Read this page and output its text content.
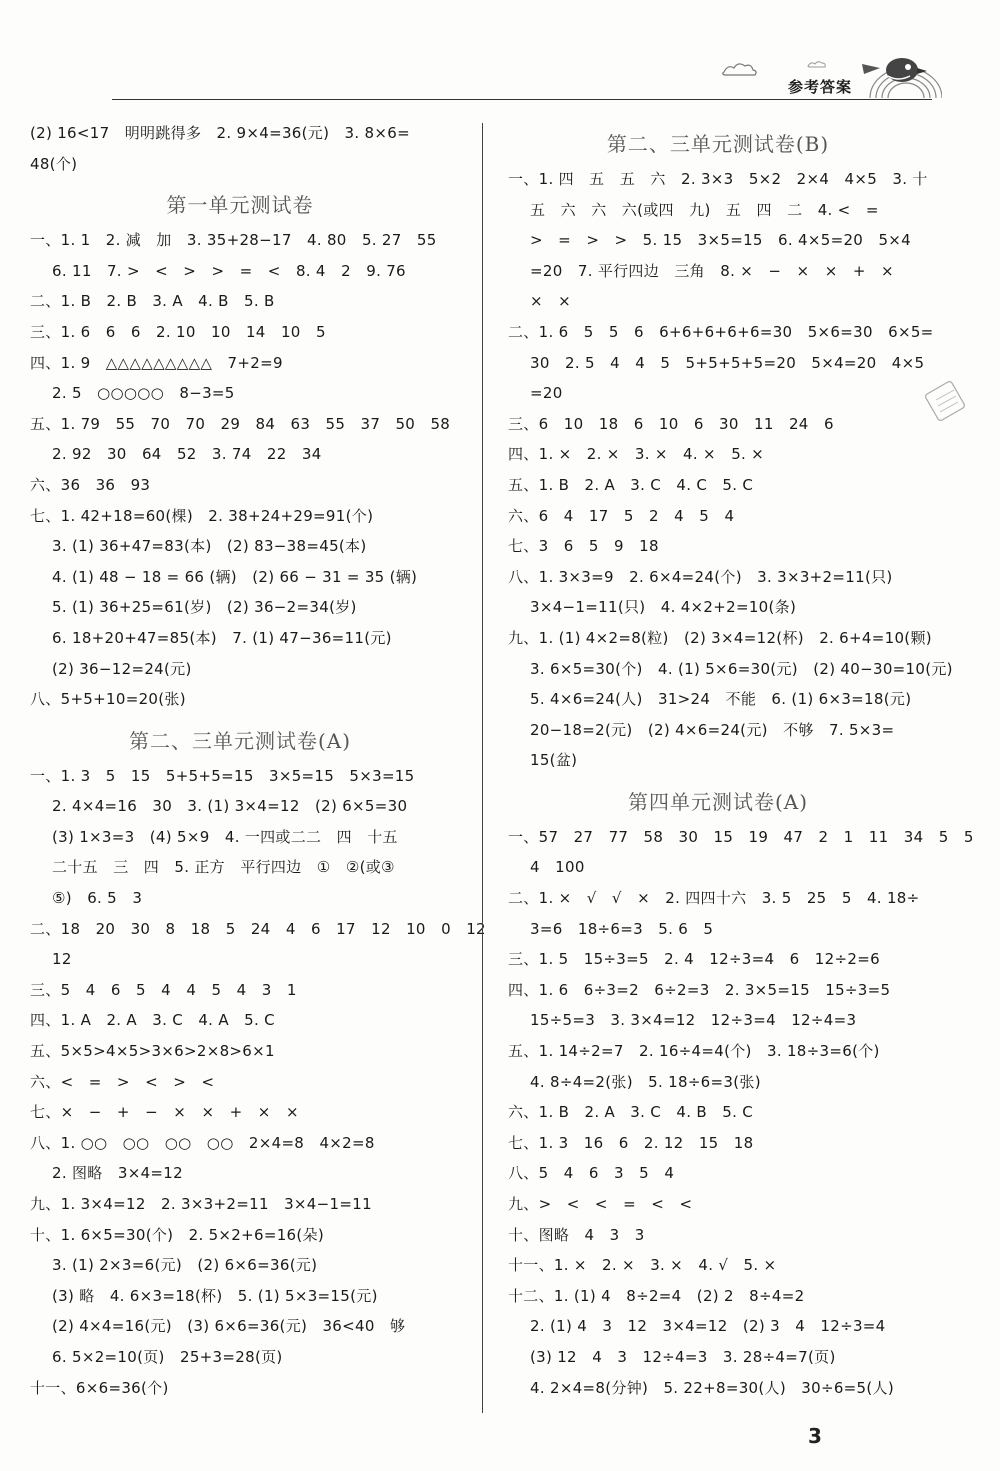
参考答案
(2) 16<17　明明跳得多　2. 9×4=36(元)　3. 8×6=
48(个)
第一单元测试卷
一、1. 1　2. 减　加　3. 35+28−17　4. 80　5. 27　55
6. 11　7. >　<　>　>　=　<　8. 4　2　9. 76
二、1. B　2. B　3. A　4. B　5. B
三、1. 6　6　6　2. 10　10　14　10　5
四、1. 9　△△△△△△△△△　7+2=9
2. 5　○○○○○　8−3=5
五、1. 79　55　70　70　29　84　63　55　37　50　58
2. 92　30　64　52　3. 74　22　34
六、36　36　93
七、1. 42+18=60(棵)　2. 38+24+29=91(个)
3. (1) 36+47=83(本)　(2) 83−38=45(本)
4. (1) 48 − 18 = 66 (辆)　(2) 66 − 31 = 35 (辆)
5. (1) 36+25=61(岁)　(2) 36−2=34(岁)
6. 18+20+47=85(本)　7. (1) 47−36=11(元)
(2) 36−12=24(元)
八、5+5+10=20(张)
第二、三单元测试卷(A)
一、1. 3　5　15　5+5+5=15　3×5=15　5×3=15
2. 4×4=16　30　3. (1) 3×4=12　(2) 6×5=30
(3) 1×3=3　(4) 5×9　4. 一四或二二　四　十五
二十五　三　四　5. 正方　平行四边　①　②(或③
⑤)　6. 5　3
二、18　20　30　8　18　5　24　4　6　17　12　10　0　12
12
三、5　4　6　5　4　4　5　4　3　1
四、1. A　2. A　3. C　4. A　5. C
五、5×5>4×5>3×6>2×8>6×1
六、<　=　>　<　>　<
七、×　−　+　−　×　×　+　×　×
八、1. ○○　○○　○○　○○　2×4=8　4×2=8
2. 图略　3×4=12
九、1. 3×4=12　2. 3×3+2=11　3×4−1=11
十、1. 6×5=30(个)　2. 5×2+6=16(朵)
3. (1) 2×3=6(元)　(2) 6×6=36(元)
(3) 略　4. 6×3=18(杯)　5. (1) 5×3=15(元)
(2) 4×4=16(元)　(3) 6×6=36(元)　36<40　够
6. 5×2=10(页)　25+3=28(页)
十一、6×6=36(个)
第二、三单元测试卷(B)
一、1. 四　五　五　六　2. 3×3　5×2　2×4　4×5　3. 十
五　六　六　六(或四　九)　五　四　二　4. <　=
>　=　>　>　5. 15　3×5=15　6. 4×5=20　5×4
=20　7. 平行四边　三角　8. ×　−　×　×　+　×
×　×
二、1. 6　5　5　6　6+6+6+6+6=30　5×6=30　6×5=
30　2. 5　4　4　5　5+5+5+5=20　5×4=20　4×5
=20
三、6　10　18　6　10　6　30　11　24　6
四、1. ×　2. ×　3. ×　4. ×　5. ×
五、1. B　2. A　3. C　4. C　5. C
六、6　4　17　5　2　4　5　4
七、3　6　5　9　18
八、1. 3×3=9　2. 6×4=24(个)　3. 3×3+2=11(只)
3×4−1=11(只)　4. 4×2+2=10(条)
九、1. (1) 4×2=8(粒)　(2) 3×4=12(杯)　2. 6+4=10(颗)
3. 6×5=30(个)　4. (1) 5×6=30(元)　(2) 40−30=10(元)
5. 4×6=24(人)　31>24　不能　6. (1) 6×3=18(元)
20−18=2(元)　(2) 4×6=24(元)　不够　7. 5×3=
15(盆)
第四单元测试卷(A)
一、57　27　77　58　30　15　19　47　2　1　11　34　5　5
4　100
二、1. ×　√　√　×　2. 四四十六　3. 5　25　5　4. 18÷
3=6　18÷6=3　5. 6　5
三、1. 5　15÷3=5　2. 4　12÷3=4　6　12÷2=6
四、1. 6　6÷3=2　6÷2=3　2. 3×5=15　15÷3=5
15÷5=3　3. 3×4=12　12÷3=4　12÷4=3
五、1. 14÷2=7　2. 16÷4=4(个)　3. 18÷3=6(个)
4. 8÷4=2(张)　5. 18÷6=3(张)
六、1. B　2. A　3. C　4. B　5. C
七、1. 3　16　6　2. 12　15　18
八、5　4　6　3　5　4
九、>　<　<　=　<　<
十、图略　4　3　3
十一、1. ×　2. ×　3. ×　4. √　5. ×
十二、1. (1) 4　8÷2=4　(2) 2　8÷4=2
2. (1) 4　3　12　3×4=12　(2) 3　4　12÷3=4
(3) 12　4　3　12÷4=3　3. 28÷4=7(页)
4. 2×4=8(分钟)　5. 22+8=30(人)　30÷6=5(人)
3
